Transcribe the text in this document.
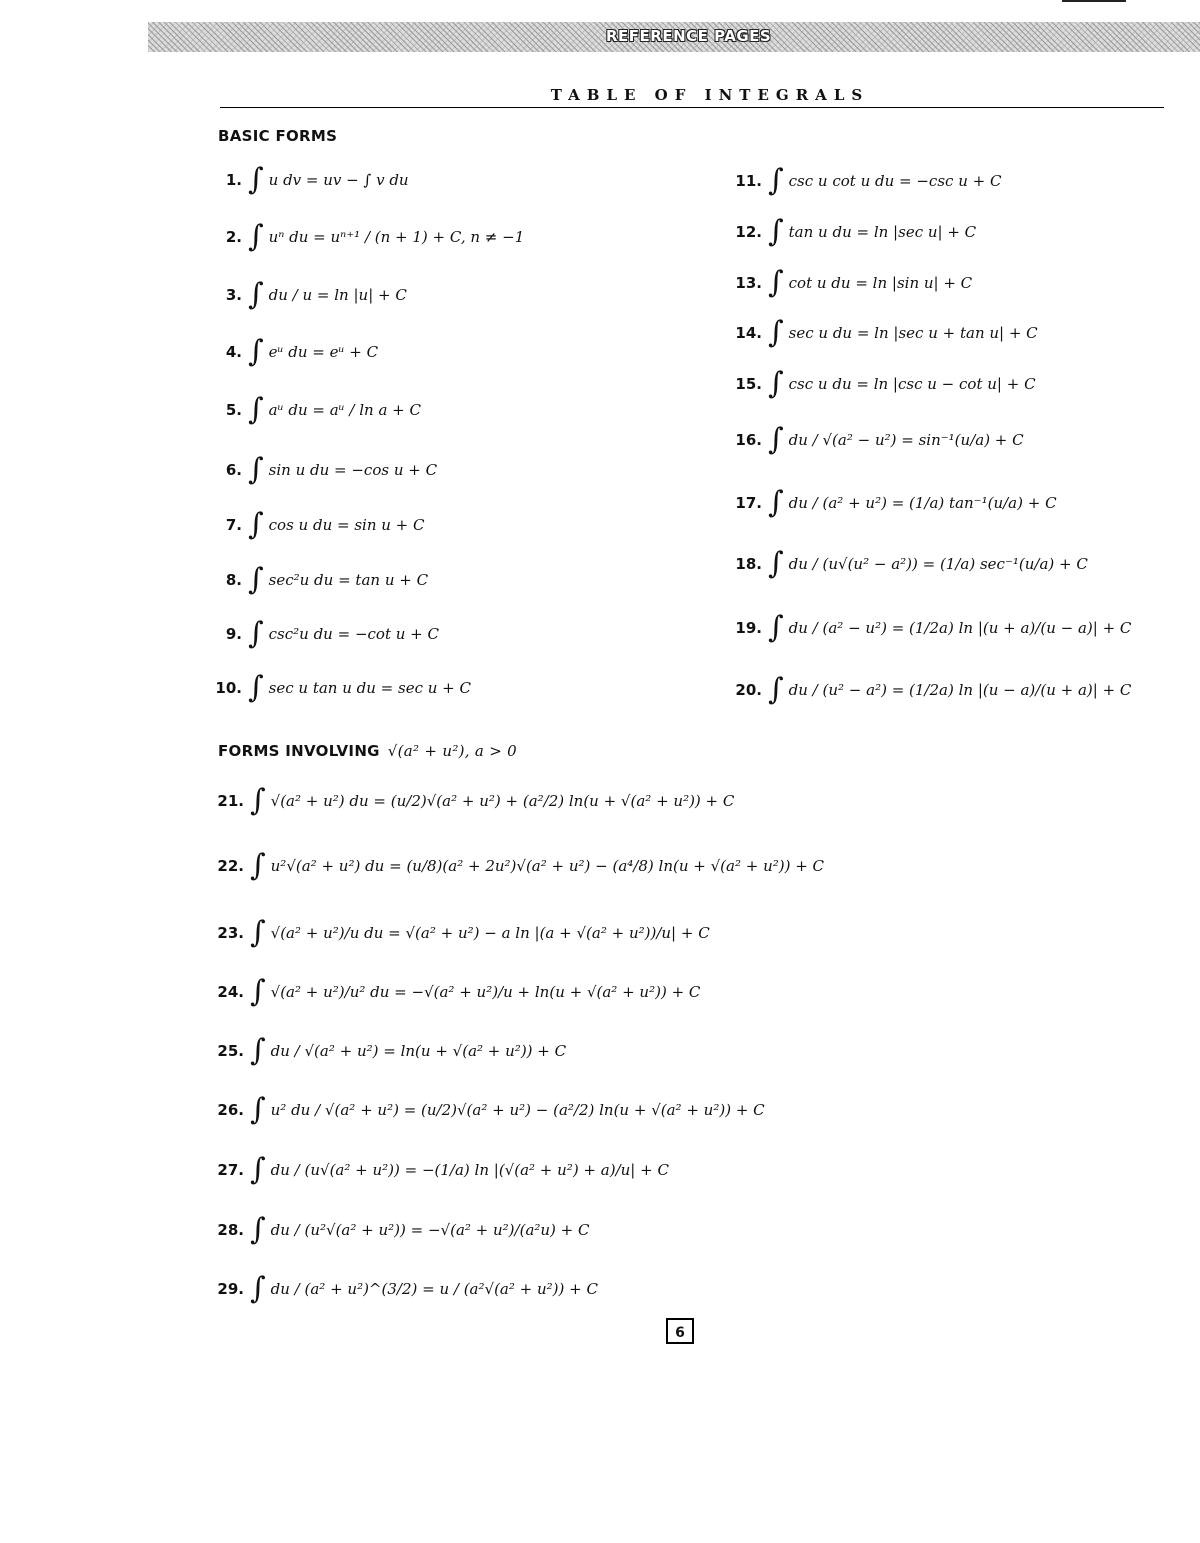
REFERENCE PAGES
TABLE OF INTEGRALS
BASIC FORMS
1. ∫ u dv = uv − ∫ v du
2. ∫ uⁿ du = uⁿ⁺¹ / (n + 1) + C, n ≠ −1
3. ∫ du / u = ln |u| + C
4. ∫ eᵘ du = eᵘ + C
5. ∫ aᵘ du = aᵘ / ln a + C
6. ∫ sin u du = −cos u + C
7. ∫ cos u du = sin u + C
8. ∫ sec²u du = tan u + C
9. ∫ csc²u du = −cot u + C
10. ∫ sec u tan u du = sec u + C
11. ∫ csc u cot u du = −csc u + C
12. ∫ tan u du = ln |sec u| + C
13. ∫ cot u du = ln |sin u| + C
14. ∫ sec u du = ln |sec u + tan u| + C
15. ∫ csc u du = ln |csc u − cot u| + C
16. ∫ du / √(a² − u²) = sin⁻¹(u/a) + C
17. ∫ du / (a² + u²) = (1/a) tan⁻¹(u/a) + C
18. ∫ du / (u√(u² − a²)) = (1/a) sec⁻¹(u/a) + C
19. ∫ du / (a² − u²) = (1/2a) ln |(u + a)/(u − a)| + C
20. ∫ du / (u² − a²) = (1/2a) ln |(u − a)/(u + a)| + C
FORMS INVOLVING √(a² + u²), a > 0
21. ∫ √(a² + u²) du = (u/2)√(a² + u²) + (a²/2) ln(u + √(a² + u²)) + C
22. ∫ u²√(a² + u²) du = (u/8)(a² + 2u²)√(a² + u²) − (a⁴/8) ln(u + √(a² + u²)) + C
23. ∫ √(a² + u²)/u du = √(a² + u²) − a ln |(a + √(a² + u²))/u| + C
24. ∫ √(a² + u²)/u² du = −√(a² + u²)/u + ln(u + √(a² + u²)) + C
25. ∫ du / √(a² + u²) = ln(u + √(a² + u²)) + C
26. ∫ u² du / √(a² + u²) = (u/2)√(a² + u²) − (a²/2) ln(u + √(a² + u²)) + C
27. ∫ du / (u√(a² + u²)) = −(1/a) ln |(√(a² + u²) + a)/u| + C
28. ∫ du / (u²√(a² + u²)) = −√(a² + u²)/(a²u) + C
29. ∫ du / (a² + u²)^(3/2) = u / (a²√(a² + u²)) + C
6
